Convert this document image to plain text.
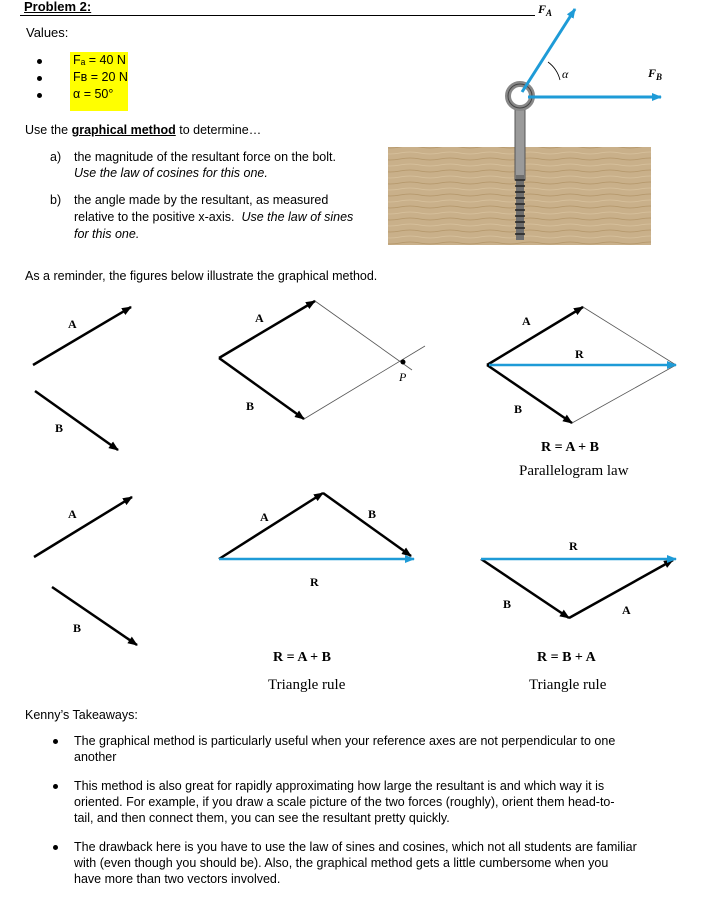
Problem 2:
Values:
Fₐ = 40 N
Fʙ = 20 N
α = 50°
Use the graphical method to determine…
a) the magnitude of the resultant force on the bolt.
Use the law of cosines for this one.
b) the angle made by the resultant, as measured
relative to the positive x-axis. Use the law of sines
for this one.
As a reminder, the figures below illustrate the graphical method.
$F_A$
$F_B$
α
A
B
A
B
P
A
B
R
R = A + B
Parallelogram law
A
B
A	B
R
R = A + B
Triangle rule
B	A
R
R = B + A
Triangle rule
Kenny’s Takeaways:
The graphical method is particularly useful when your reference axes are not perpendicular to one
another
This method is also great for rapidly approximating how large the resultant is and which way it is
oriented. For example, if you draw a scale picture of the two forces (roughly), orient them head-to-
tail, and then connect them, you can see the resultant pretty quickly.
The drawback here is you have to use the law of sines and cosines, which not all students are familiar
with (even though you should be). Also, the graphical method gets a little cumbersome when you
have more than two vectors involved.
